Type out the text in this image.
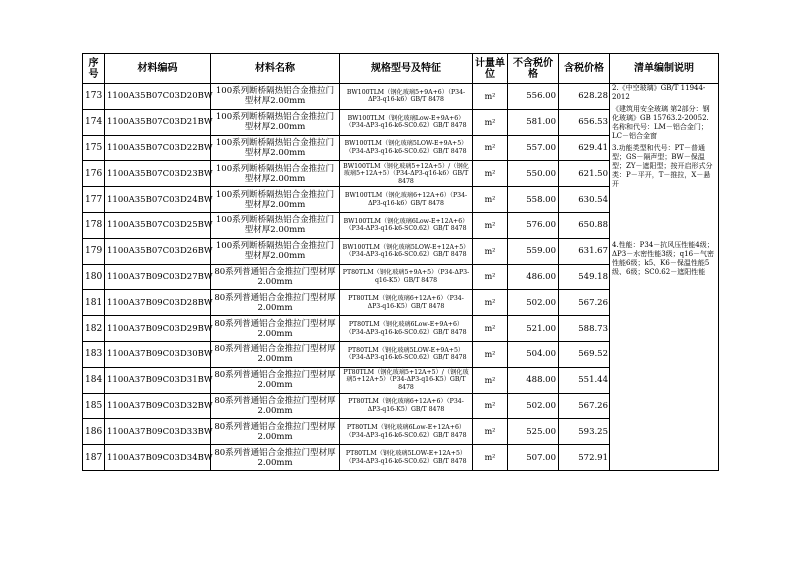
序号	材料编码	材料名称	规格型号及特征	计量单位	不含税价　格	含税价格	清单编制说明
173	1100A35B07C03D20BW	100系列断桥隔热铝合金推拉门型材厚2.00mm	BW100TLM（钢化玻璃5+9A+6）（P34-ΔP3-q16-k6）GB/T 8478	m²	556.00	628.28	2.《中空玻璃》GB/T 11944-2012
《建筑用安全玻璃 第2部分：钢化玻璃》GB 15763.2-20052. 名称和代号：LM－铝合金门；LC－铝合金窗
3.功能类型和代号：PT－普通型；GS－隔声型；BW－保温型；ZY－遮阳型；按开启形式分类：P－平开，T－推拉，X－悬开
4.性能：P34－抗风压性能4级；ΔP3－水密性能3级；q16－气密性能6级；k5、K6－保温性能5级、6级；SC0.62－遮阳性能

174	1100A35B07C03D21BW	100系列断桥隔热铝合金推拉门型材厚2.00mm	BW100TLM（钢化玻璃Low-E+9A+6）（P34-ΔP3-q16-k6-SC0.62）GB/T 8478	m²	581.00	656.53	
175	1100A35B07C03D22BW	100系列断桥隔热铝合金推拉门型材厚2.00mm	BW100TLM（钢化玻璃5LOW-E+9A+5）（P34-ΔP3-q16-k6-SC0.62）GB/T 8478	m²	557.00	629.41	
176	1100A35B07C03D23BW	100系列断桥隔热铝合金推拉门型材厚2.00mm	BW100TLM（钢化玻璃5+12A+5）/（钢化玻璃5+12A+5）（P34-ΔP3-q16-k6）GB/T 8478	m²	550.00	621.50	
177	1100A35B07C03D24BW	100系列断桥隔热铝合金推拉门型材厚2.00mm	BW100TLM（钢化玻璃6+12A+6）（P34-ΔP3-q16-k6）GB/T 8478	m²	558.00	630.54	
178	1100A35B07C03D25BW	100系列断桥隔热铝合金推拉门型材厚2.00mm	BW100TLM（钢化玻璃6Low-E+12A+6）（P34-ΔP3-q16-k6-SC0.62）GB/T 8478	m²	576.00	650.88	
179	1100A35B07C03D26BW	100系列断桥隔热铝合金推拉门型材厚2.00mm	BW100TLM（钢化玻璃5LOW-E+12A+5）（P34-ΔP3-q16-k6-SC0.62）GB/T 8478	m²	559.00	631.67	
180	1100A37B09C03D27BW	80系列普通铝合金推拉门型材厚2.00mm	PT80TLM（钢化玻璃5+9A+5）（P34-ΔP3-q16-K5）GB/T 8478	m²	486.00	549.18	
181	1100A37B09C03D28BW	80系列普通铝合金推拉门型材厚2.00mm	PT80TLM（钢化玻璃6+12A+6）（P34-ΔP3-q16-K5）GB/T 8478	m²	502.00	567.26	
182	1100A37B09C03D29BW	80系列普通铝合金推拉门型材厚2.00mm	PT80TLM（钢化玻璃6Low-E+9A+6）（P34-ΔP3-q16-k6-SC0.62）GB/T 8478	m²	521.00	588.73	
183	1100A37B09C03D30BW	80系列普通铝合金推拉门型材厚2.00mm	PT80TLM（钢化玻璃5LOW-E+9A+5）（P34-ΔP3-q16-k6-SC0.62）GB/T 8478	m²	504.00	569.52	
184	1100A37B09C03D31BW	80系列普通铝合金推拉门型材厚2.00mm	PT80TLM（钢化玻璃5+12A+5）/（钢化玻璃5+12A+5）（P34-ΔP3-q16-K5）GB/T 8478	m²	488.00	551.44	
185	1100A37B09C03D32BW	80系列普通铝合金推拉门型材厚2.00mm	PT80TLM（钢化玻璃6+12A+6）（P34-ΔP3-q16-K5）GB/T 8478	m²	502.00	567.26	
186	1100A37B09C03D33BW	80系列普通铝合金推拉门型材厚2.00mm	PT80TLM（钢化玻璃6Low-E+12A+6）（P34-ΔP3-q16-k6-SC0.62）GB/T 8478	m²	525.00	593.25	
187	1100A37B09C03D34BW	80系列普通铝合金推拉门型材厚2.00mm	PT80TLM（钢化玻璃5LOW-E+12A+5）（P34-ΔP3-q16-k6-SC0.62）GB/T 8478	m²	507.00	572.91	
